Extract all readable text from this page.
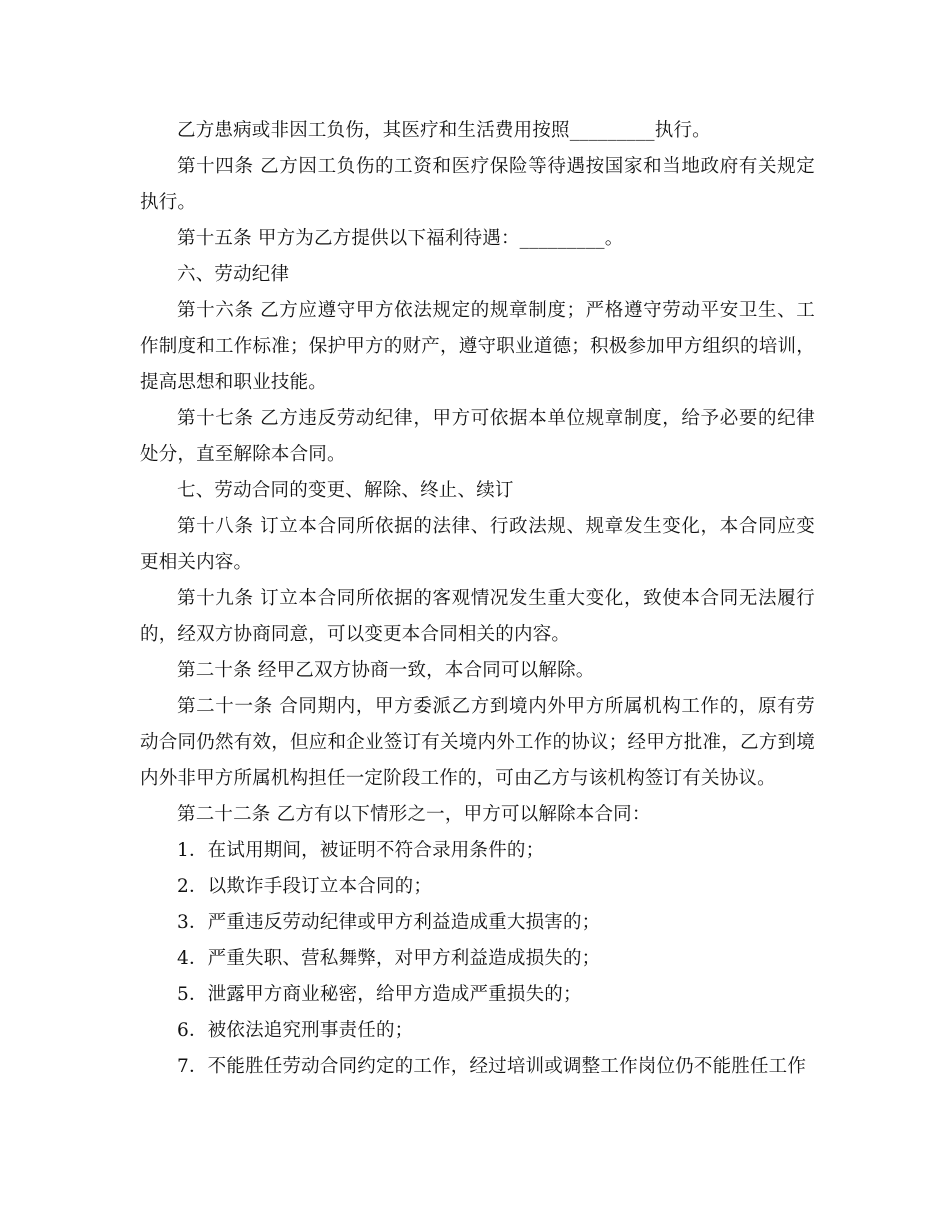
乙方患病或非因工负伤，其医疗和生活费用按照_________执行。

第十四条 乙方因工负伤的工资和医疗保险等待遇按国家和当地政府有关规定执行。

第十五条 甲方为乙方提供以下福利待遇：_________。

六、劳动纪律

第十六条 乙方应遵守甲方依法规定的规章制度；严格遵守劳动平安卫生、工作制度和工作标准；保护甲方的财产，遵守职业道德；积极参加甲方组织的培训，提高思想和职业技能。

第十七条 乙方违反劳动纪律，甲方可依据本单位规章制度，给予必要的纪律处分，直至解除本合同。

七、劳动合同的变更、解除、终止、续订

第十八条 订立本合同所依据的法律、行政法规、规章发生变化，本合同应变更相关内容。

第十九条 订立本合同所依据的客观情况发生重大变化，致使本合同无法履行的，经双方协商同意，可以变更本合同相关的内容。

第二十条 经甲乙双方协商一致，本合同可以解除。

第二十一条 合同期内，甲方委派乙方到境内外甲方所属机构工作的，原有劳动合同仍然有效，但应和企业签订有关境内外工作的协议；经甲方批准，乙方到境内外非甲方所属机构担任一定阶段工作的，可由乙方与该机构签订有关协议。

第二十二条 乙方有以下情形之一，甲方可以解除本合同：

1．在试用期间，被证明不符合录用条件的；

2．以欺诈手段订立本合同的；

3．严重违反劳动纪律或甲方利益造成重大损害的；

4．严重失职、营私舞弊，对甲方利益造成损失的；

5．泄露甲方商业秘密，给甲方造成严重损失的；

6．被依法追究刑事责任的；

7．不能胜任劳动合同约定的工作，经过培训或调整工作岗位仍不能胜任工作
